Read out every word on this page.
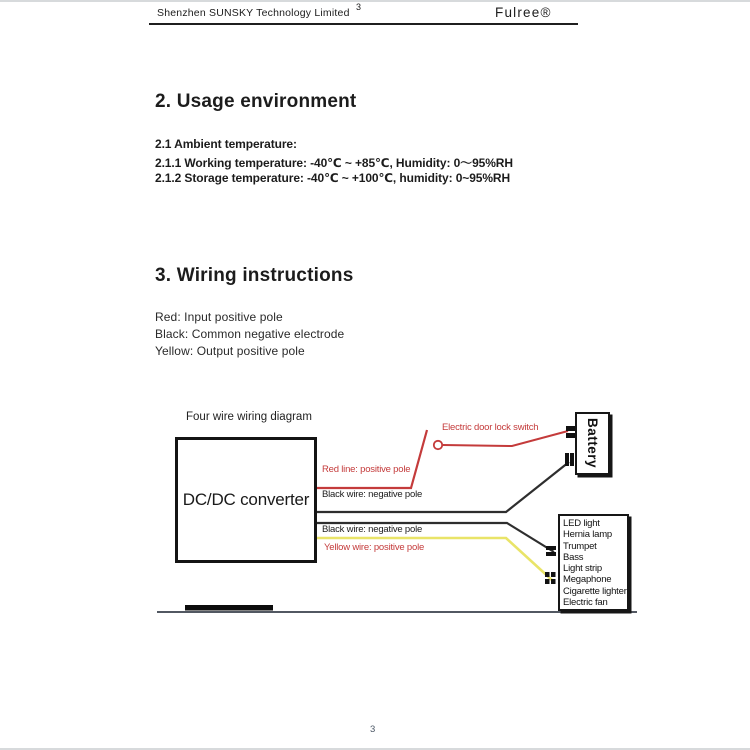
Shenzhen SUNSKY Technology Limited 3	Fulree®
2. Usage environment
2.1 Ambient temperature:
2.1.1 Working temperature: -40℃ ~ +85℃, Humidity: 0～95%RH
2.1.2 Storage temperature: -40℃ ~ +100℃, humidity: 0~95%RH
3. Wiring instructions
Red: Input positive pole
Black: Common negative electrode
Yellow: Output positive pole
Four wire wiring diagram
DC/DC converter
Battery
LED light
Hernia lamp
Trumpet
Bass
Light strip
Megaphone
Cigarette lighter
Electric fan
Electric door lock switch
Red line: positive pole
Black wire: negative pole
Black wire: negative pole
Yellow wire: positive pole
3
